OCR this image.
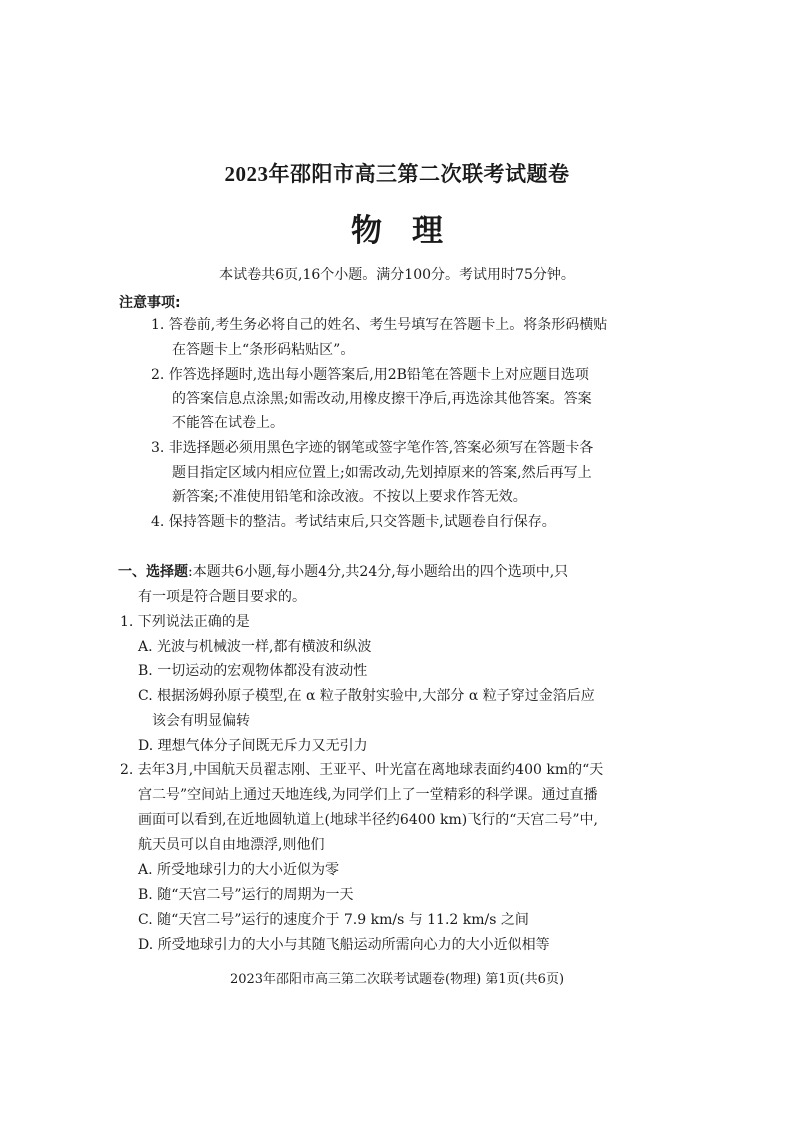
2023年邵阳市高三第二次联考试题卷
物理
本试卷共6页,16个小题。满分100分。考试用时75分钟。
注意事项:
1. 答卷前,考生务必将自己的姓名、考生号填写在答题卡上。将条形码横贴
在答题卡上“条形码粘贴区”。
2. 作答选择题时,选出每小题答案后,用2B铅笔在答题卡上对应题目选项
的答案信息点涂黑;如需改动,用橡皮擦干净后,再选涂其他答案。答案
不能答在试卷上。
3. 非选择题必须用黑色字迹的钢笔或签字笔作答,答案必须写在答题卡各
题目指定区域内相应位置上;如需改动,先划掉原来的答案,然后再写上
新答案;不准使用铅笔和涂改液。不按以上要求作答无效。
4. 保持答题卡的整洁。考试结束后,只交答题卡,试题卷自行保存。
一、选择题:本题共6小题,每小题4分,共24分,每小题给出的四个选项中,只
有一项是符合题目要求的。
1. 下列说法正确的是
A. 光波与机械波一样,都有横波和纵波
B. 一切运动的宏观物体都没有波动性
C. 根据汤姆孙原子模型,在 α 粒子散射实验中,大部分 α 粒子穿过金箔后应
该会有明显偏转
D. 理想气体分子间既无斥力又无引力
2. 去年3月,中国航天员翟志刚、王亚平、叶光富在离地球表面约400 km的“天
宫二号”空间站上通过天地连线,为同学们上了一堂精彩的科学课。通过直播
画面可以看到,在近地圆轨道上(地球半径约6400 km)飞行的“天宫二号”中,
航天员可以自由地漂浮,则他们
A. 所受地球引力的大小近似为零
B. 随“天宫二号”运行的周期为一天
C. 随“天宫二号”运行的速度介于 7.9 km/s 与 11.2 km/s 之间
D. 所受地球引力的大小与其随飞船运动所需向心力的大小近似相等
2023年邵阳市高三第二次联考试题卷(物理) 第1页(共6页)
